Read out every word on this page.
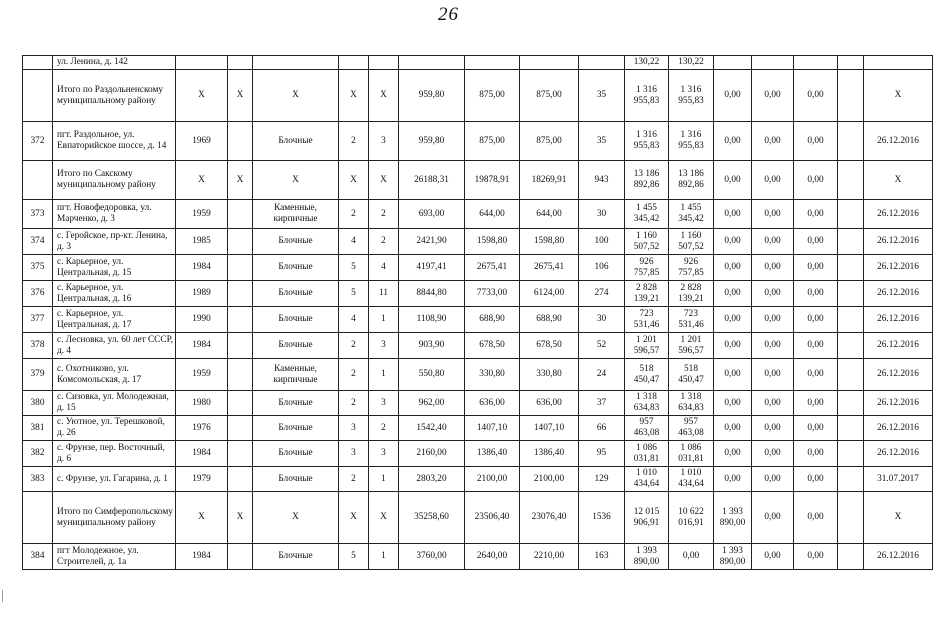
26
	ул. Ленина, д. 142										130,22	130,22					
	Итого по Раздольненскому муниципальному району	Х	Х	Х	Х	Х	959,80	875,00	875,00	35	1 316 955,83	1 316 955,83	0,00	0,00	0,00		Х
372	пгт. Раздольное, ул. Евпаторийское шоссе, д. 14	1969		Блочные	2	3	959,80	875,00	875,00	35	1 316 955,83	1 316 955,83	0,00	0,00	0,00		26.12.2016
	Итого по Сакскому муниципальному району	Х	Х	Х	Х	Х	26188,31	19878,91	18269,91	943	13 186 892,86	13 186 892,86	0,00	0,00	0,00		Х
373	пгт. Новофедоровка, ул. Марченко, д. 3	1959		Каменные, кирпичные	2	2	693,00	644,00	644,00	30	1 455 345,42	1 455 345,42	0,00	0,00	0,00		26.12.2016
374	с. Геройское, пр-кт. Ленина, д. 3	1985		Блочные	4	2	2421,90	1598,80	1598,80	100	1 160 507,52	1 160 507,52	0,00	0,00	0,00		26.12.2016
375	с. Карьерное, ул. Центральная, д. 15	1984		Блочные	5	4	4197,41	2675,41	2675,41	106	926 757,85	926 757,85	0,00	0,00	0,00		26.12.2016
376	с. Карьерное, ул. Центральная, д. 16	1989		Блочные	5	11	8844,80	7733,00	6124,00	274	2 828 139,21	2 828 139,21	0,00	0,00	0,00		26.12.2016
377	с. Карьерное, ул. Центральная, д. 17	1990		Блочные	4	1	1108,90	688,90	688,90	30	723 531,46	723 531,46	0,00	0,00	0,00		26.12.2016
378	с. Лесновка, ул. 60 лет СССР, д. 4	1984		Блочные	2	3	903,90	678,50	678,50	52	1 201 596,57	1 201 596,57	0,00	0,00	0,00		26.12.2016
379	с. Охотниково, ул. Комсомольская, д. 17	1959		Каменные, кирпичные	2	1	550,80	330,80	330,80	24	518 450,47	518 450,47	0,00	0,00	0,00		26.12.2016
380	с. Сизовка, ул. Молодежная, д. 15	1980		Блочные	2	3	962,00	636,00	636,00	37	1 318 634,83	1 318 634,83	0,00	0,00	0,00		26.12.2016
381	с. Уютное, ул. Терешковой, д. 26	1976		Блочные	3	2	1542,40	1407,10	1407,10	66	957 463,08	957 463,08	0,00	0,00	0,00		26.12.2016
382	с. Фрунзе, пер. Восточный, д. 6	1984		Блочные	3	3	2160,00	1386,40	1386,40	95	1 086 031,81	1 086 031,81	0,00	0,00	0,00		26.12.2016
383	с. Фрунзе, ул. Гагарина, д. 1	1979		Блочные	2	1	2803,20	2100,00	2100,00	129	1 010 434,64	1 010 434,64	0,00	0,00	0,00		31.07.2017
	Итого по Симферопольскому муниципальному району	Х	Х	Х	Х	Х	35258,60	23506,40	23076,40	1536	12 015 906,91	10 622 016,91	1 393 890,00	0,00	0,00		Х
384	пгт Молодежное, ул. Строителей, д. 1а	1984		Блочные	5	1	3760,00	2640,00	2210,00	163	1 393 890,00	0,00	1 393 890,00	0,00	0,00		26.12.2016
